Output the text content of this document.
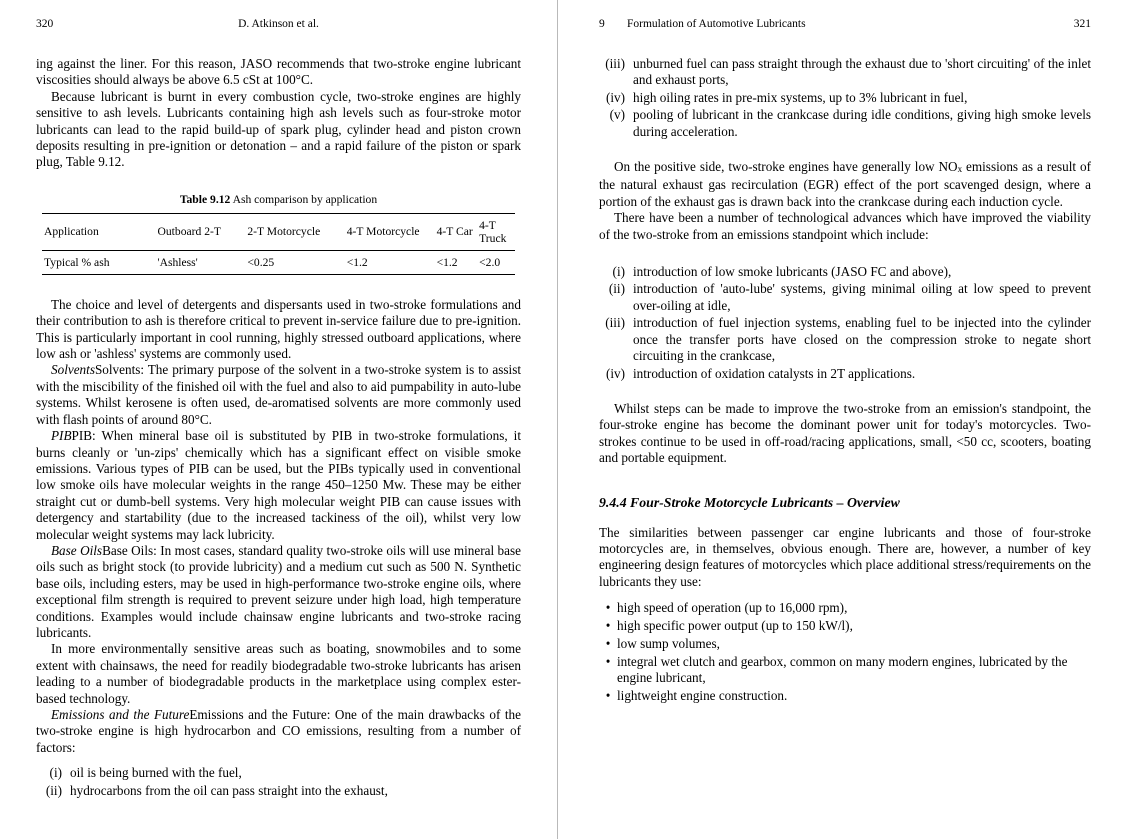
320	D. Atkinson et al.

ing against the liner. For this reason, JASO recommends that two-stroke engine lubricant viscosities should always be above 6.5 cSt at 100°C.

Because lubricant is burnt in every combustion cycle, two-stroke engines are highly sensitive to ash levels. Lubricants containing high ash levels such as four-stroke motor lubricants can lead to the rapid build-up of spark plug, cylinder head and piston crown deposits resulting in pre-ignition or detonation – and a rapid failure of the piston or spark plug, Table 9.12.

Table 9.12 Ash comparison by application
Application	Outboard 2-T	2-T Motorcycle	4-T Motorcycle	4-T Car	4-T Truck
Typical % ash	'Ashless'	<0.25	<1.2	<1.2	<2.0

The choice and level of detergents and dispersants used in two-stroke formulations and their contribution to ash is therefore critical to prevent in-service failure due to pre-ignition. This is particularly important in cool running, highly stressed outboard applications, where low ash or 'ashless' systems are commonly used.

SolventsSolvents: The primary purpose of the solvent in a two-stroke system is to assist with the miscibility of the finished oil with the fuel and also to aid pumpability in auto-lube systems. Whilst kerosene is often used, de-aromatised solvents are more commonly used with flash points of around 80°C.

PIBPIB: When mineral base oil is substituted by PIB in two-stroke formulations, it burns cleanly or 'un-zips' chemically which has a significant effect on visible smoke emissions. Various types of PIB can be used, but the PIBs typically used in conventional low smoke oils have molecular weights in the range 450–1250 Mw. These may be either straight cut or dumb-bell systems. Very high molecular weight PIB can cause issues with detergency and startability (due to the increased tackiness of the oil), whilst very low molecular weight systems may lack lubricity.

Base OilsBase Oils: In most cases, standard quality two-stroke oils will use mineral base oils such as bright stock (to provide lubricity) and a medium cut such as 500 N. Synthetic base oils, including esters, may be used in high-performance two-stroke engine oils, where exceptional film strength is required to prevent seizure under high load, high temperature conditions. Examples would include chainsaw engine lubricants and two-stroke racing lubricants.

In more environmentally sensitive areas such as boating, snowmobiles and to some extent with chainsaws, the need for readily biodegradable two-stroke lubricants has arisen leading to a number of biodegradable products in the marketplace using complex ester-based technology.

Emissions and the FutureEmissions and the Future: One of the main drawbacks of the two-stroke engine is high hydrocarbon and CO emissions, resulting from a number of factors:

(i) oil is being burned with the fuel,
(ii) hydrocarbons from the oil can pass straight into the exhaust,
9	Formulation of Automotive Lubricants	321
(iii) unburned fuel can pass straight through the exhaust due to 'short circuiting' of the inlet and exhaust ports,
(iv) high oiling rates in pre-mix systems, up to 3% lubricant in fuel,
(v) pooling of lubricant in the crankcase during idle conditions, giving high smoke levels during acceleration.

On the positive side, two-stroke engines have generally low $NO_x$ emissions as a result of the natural exhaust gas recirculation (EGR) effect of the port scavenged design, where a portion of the exhaust gas is drawn back into the crankcase during each induction cycle.

There have been a number of technological advances which have improved the viability of the two-stroke from an emissions standpoint which include:

(i) introduction of low smoke lubricants (JASO FC and above),
(ii) introduction of 'auto-lube' systems, giving minimal oiling at low speed to prevent over-oiling at idle,
(iii) introduction of fuel injection systems, enabling fuel to be injected into the cylinder once the transfer ports have closed on the compression stroke to negate short circuiting in the crankcase,
(iv) introduction of oxidation catalysts in 2T applications.

Whilst steps can be made to improve the two-stroke from an emission's standpoint, the four-stroke engine has become the dominant power unit for today's motorcycles. Two-strokes continue to be used in off-road/racing applications, small, <50 cc, scooters, boating and portable equipment.

9.4.4 Four-Stroke Motorcycle Lubricants – Overview

The similarities between passenger car engine lubricants and those of four-stroke motorcycles are, in themselves, obvious enough. There are, however, a number of key engineering design features of motorcycles which place additional stress/requirements on the lubricants they use:

• high speed of operation (up to 16,000 rpm),
• high specific power output (up to 150 kW/l),
• low sump volumes,
• integral wet clutch and gearbox, common on many modern engines, lubricated by the engine lubricant,
• lightweight engine construction.
